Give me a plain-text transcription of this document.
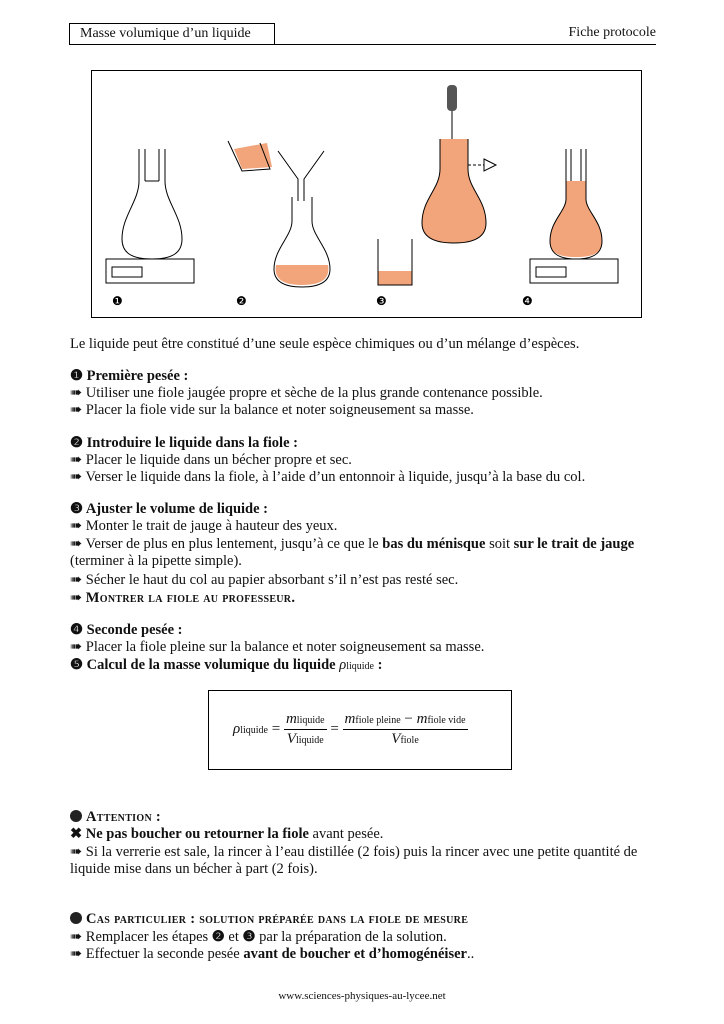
Masse volumique d’un liquide	Fiche protocole
❶	❷	❸	❹
Le liquide peut être constitué d’une seule espèce chimiques ou d’un mélange d’espèces.
❶ Première pesée :
➠ Utiliser une fiole jaugée propre et sèche de la plus grande contenance possible.
➠ Placer la fiole vide sur la balance et noter soigneusement sa masse.
❷ Introduire le liquide dans la fiole :
➠ Placer le liquide dans un bécher propre et sec.
➠ Verser le liquide dans la fiole, à l’aide d’un entonnoir à liquide, jusqu’à la base du col.
❸ Ajuster le volume de liquide :
➠ Monter le trait de jauge à hauteur des yeux.
➠ Verser de plus en plus lentement, jusqu’à ce que le bas du ménisque soit sur le trait de jauge (terminer à la pipette simple).
➠ Sécher le haut du col au papier absorbant s’il n’est pas resté sec.
➠ Montrer la fiole au professeur.
❹ Seconde pesée :
➠ Placer la fiole pleine sur la balance et noter soigneusement sa masse.
❺ Calcul de la masse volumique du liquide ρliquide :
ρliquide = $\frac{\text{mliquide}}{\text{Vliquide}} = \frac{\text{mfiole pleine − mfiole vide}}{\text{Vfiole}}$
Attention :
✖ Ne pas boucher ou retourner la fiole avant pesée.
➠ Si la verrerie est sale, la rincer à l’eau distillée (2 fois) puis la rincer avec une petite quantité de liquide mise dans un bécher à part (2 fois).
Cas particulier : solution préparée dans la fiole de mesure
➠ Remplacer les étapes ❷ et ❸ par la préparation de la solution.
➠ Effectuer la seconde pesée avant de boucher et d’homogénéiser..
www.sciences-physiques-au-lycee.net
